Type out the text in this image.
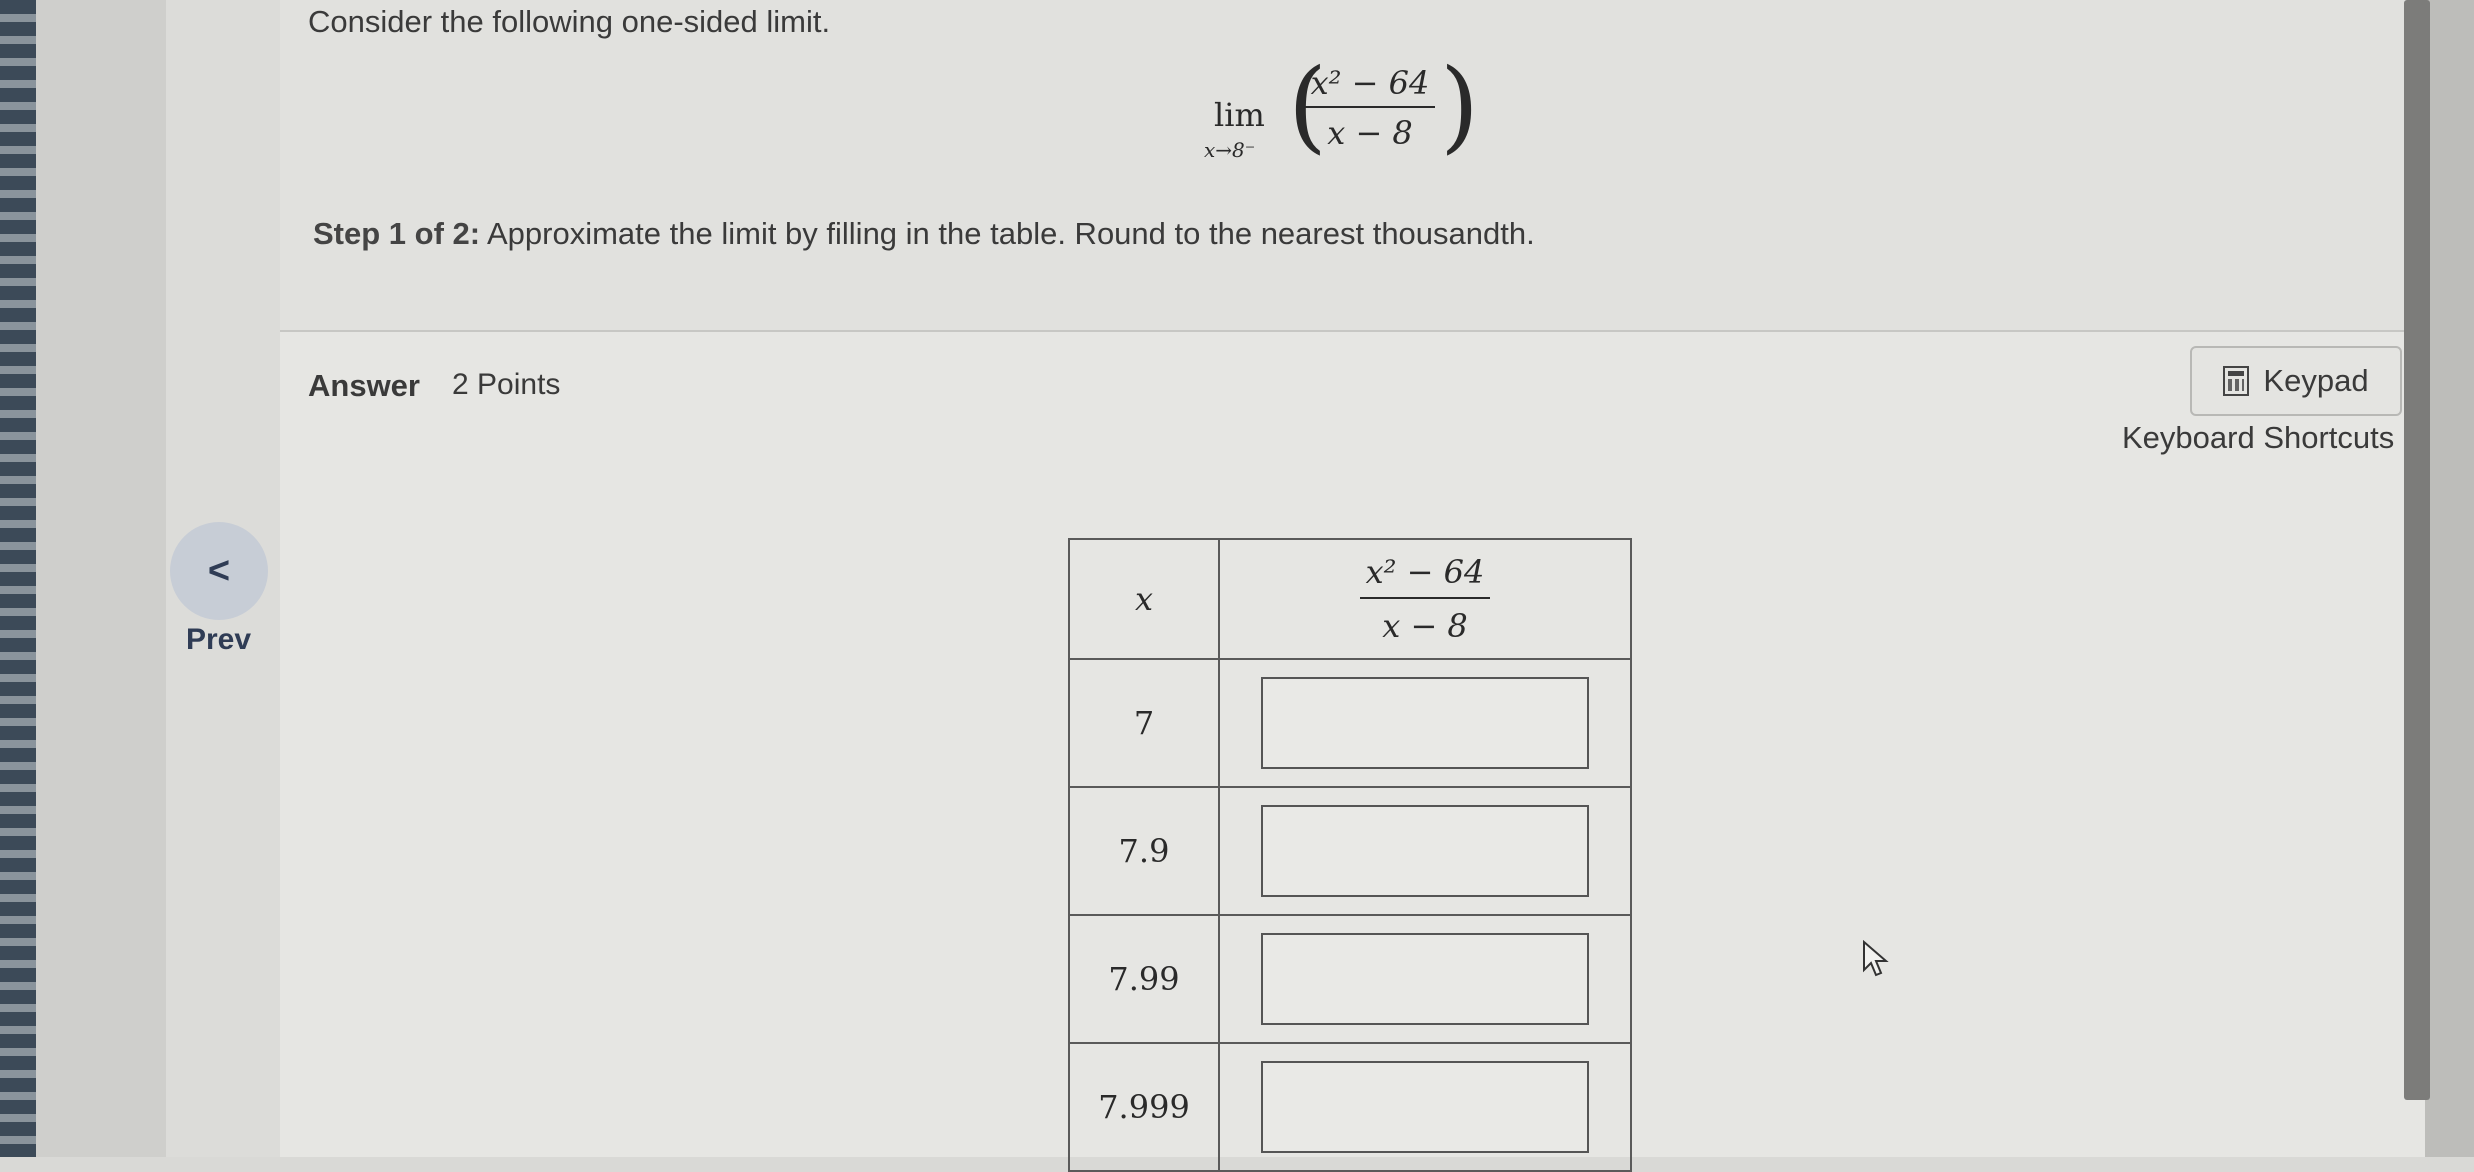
Consider the following one-sided limit.
lim
x→8⁻ (
$\frac{\text{x² − 64}}{x - 8}$ )
Step 1 of 2: Approximate the limit by filling in the table. Round to the nearest thousandth.
Answer 2 Points	Keypad
Keyboard Shortcuts
<
Prev
x	$\frac{\text{x² − 64}}{x - 8}$

7	

7.9	

7.99	

7.999	
